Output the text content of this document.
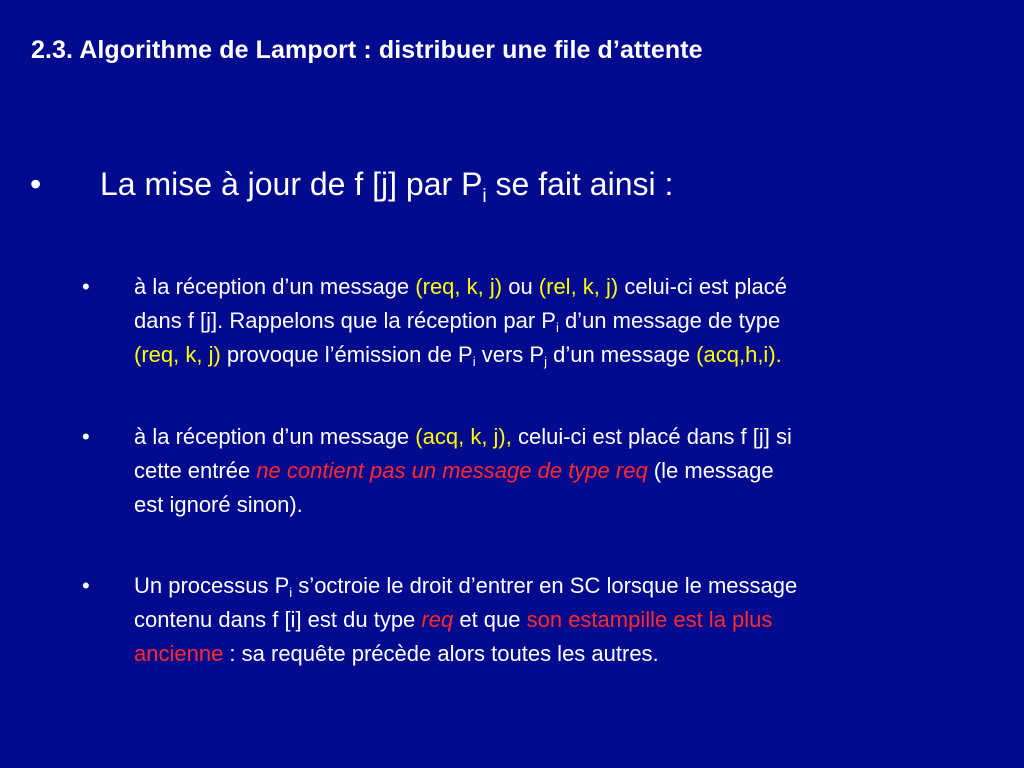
2.3. Algorithme de Lamport : distribuer une file d’attente
• La mise à jour de f [j] par $P_i$ se fait ainsi :
• à la réception d’un message (req, k, j) ou (rel, k, j) celui-ci est placé
dans f [j]. Rappelons que la réception par $P_i$ d’un message de type
(req, k, j) provoque l’émission de $P_i$ vers $P_j$ d’un message (acq,h,i).
• à la réception d’un message (acq, k, j), celui-ci est placé dans f [j] si
cette entrée ne contient pas un message de type req (le message
est ignoré sinon).
• Un processus $P_i$ s’octroie le droit d’entrer en SC lorsque le message
contenu dans f [i] est du type req et que son estampille est la plus
ancienne : sa requête précède alors toutes les autres.
